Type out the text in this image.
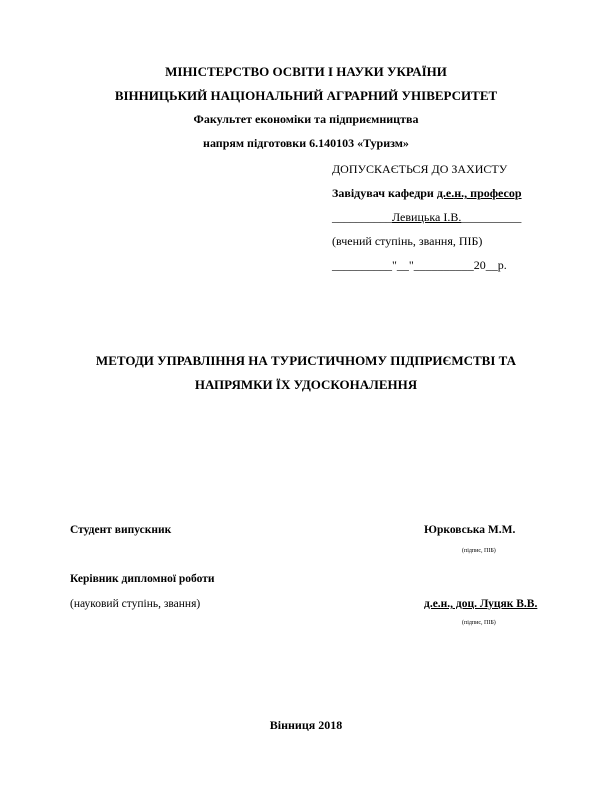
МІНІСТЕРСТВО ОСВІТИ І НАУКИ УКРАЇНИ
ВІННИЦЬКИЙ НАЦІОНАЛЬНИЙ АГРАРНИЙ УНІВЕРСИТЕТ
Факультет економіки та підприємництва
напрям підготовки 6.140103 «Туризм»
ДОПУСКАЄТЬСЯ ДО ЗАХИСТУ
Завідувач кафедри д.е.н., професор
__________Левицька І.В.__________
(вчений ступінь, звання, ПІБ)
__________"__"__________20__р.
МЕТОДИ УПРАВЛІННЯ НА ТУРИСТИЧНОМУ ПІДПРИЄМСТВІ ТА
НАПРЯМКИ ЇХ УДОСКОНАЛЕННЯ
Студент випускник	Юрковська М.М.
(підпис, ПІБ)
Керівник дипломної роботи
(науковий ступінь, звання)	д.е.н., доц. Луцяк В.В.
(підпис, ПІБ)
Вінниця 2018
